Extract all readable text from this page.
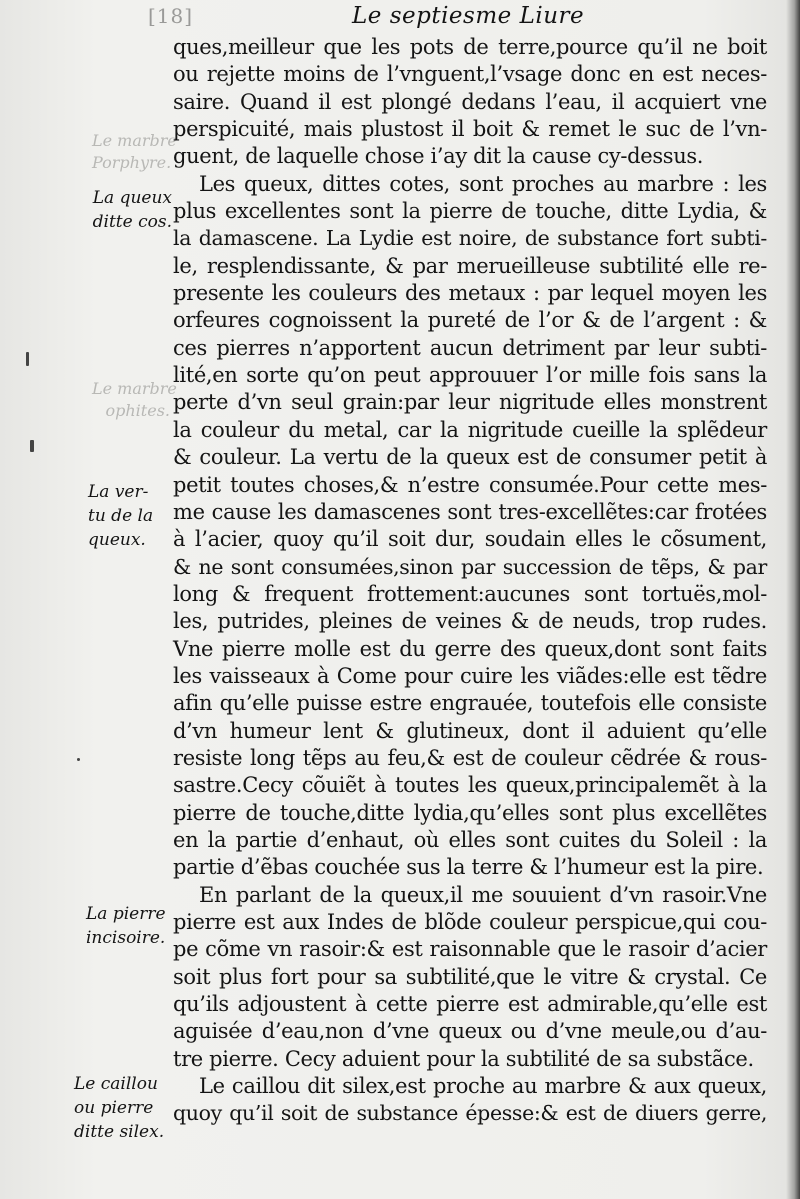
[18]	Le septiesme Liure
Le marbre
Porphyre.
Le marbre
ophites.
La queux
ditte cos.
La ver-
tu de la
queux.
La pierre
incisoire.
Le caillou
ou pierre
ditte silex.
ques,meilleur que les pots de terre,pource qu’il ne boit
ou rejette moins de l’vnguent,l’vsage donc en est neces-
saire. Quand il est plongé dedans l’eau, il acquiert vne
perspicuité, mais plustost il boit & remet le suc de l’vn-
guent, de laquelle chose i’ay dit la cause cy-dessus.
Les queux, dittes cotes, sont proches au marbre : les
plus excellentes sont la pierre de touche, ditte Lydia, &
la damascene. La Lydie est noire, de substance fort subti-
le, resplendissante, & par merueilleuse subtilité elle re-
presente les couleurs des metaux : par lequel moyen les
orfeures cognoissent la pureté de l’or & de l’argent : &
ces pierres n’apportent aucun detriment par leur subti-
lité,en sorte qu’on peut approuuer l’or mille fois sans la
perte d’vn seul grain:par leur nigritude elles monstrent
la couleur du metal, car la nigritude cueille la splẽdeur
& couleur. La vertu de la queux est de consumer petit à
petit toutes choses,& n’estre consumée.Pour cette mes-
me cause les damascenes sont tres-excellẽtes:car frotées
à l’acier, quoy qu’il soit dur, soudain elles le cõsument,
& ne sont consumées,sinon par succession de tẽps, & par
long & frequent frottement:aucunes sont tortuës,mol-
les, putrides, pleines de veines & de neuds, trop rudes.
Vne pierre molle est du gerre des queux,dont sont faits
les vaisseaux à Come pour cuire les viãdes:elle est tẽdre
afin qu’elle puisse estre engrauée, toutefois elle consiste
d’vn humeur lent & glutineux, dont il aduient qu’elle
resiste long tẽps au feu,& est de couleur cẽdrée & rous-
sastre.Cecy cõuiẽt à toutes les queux,principalemẽt à la
pierre de touche,ditte lydia,qu’elles sont plus excellẽtes
en la partie d’enhaut, où elles sont cuites du Soleil : la
partie d’ẽbas couchée sus la terre & l’humeur est la pire.
En parlant de la queux,il me souuient d’vn rasoir.Vne
pierre est aux Indes de blõde couleur perspicue,qui cou-
pe cõme vn rasoir:& est raisonnable que le rasoir d’acier
soit plus fort pour sa subtilité,que le vitre & crystal. Ce
qu’ils adjoustent à cette pierre est admirable,qu’elle est
aguisée d’eau,non d’vne queux ou d’vne meule,ou d’au-
tre pierre. Cecy aduient pour la subtilité de sa substãce.
Le caillou dit silex,est proche au marbre & aux queux,
quoy qu’il soit de substance épesse:& est de diuers gerre,
